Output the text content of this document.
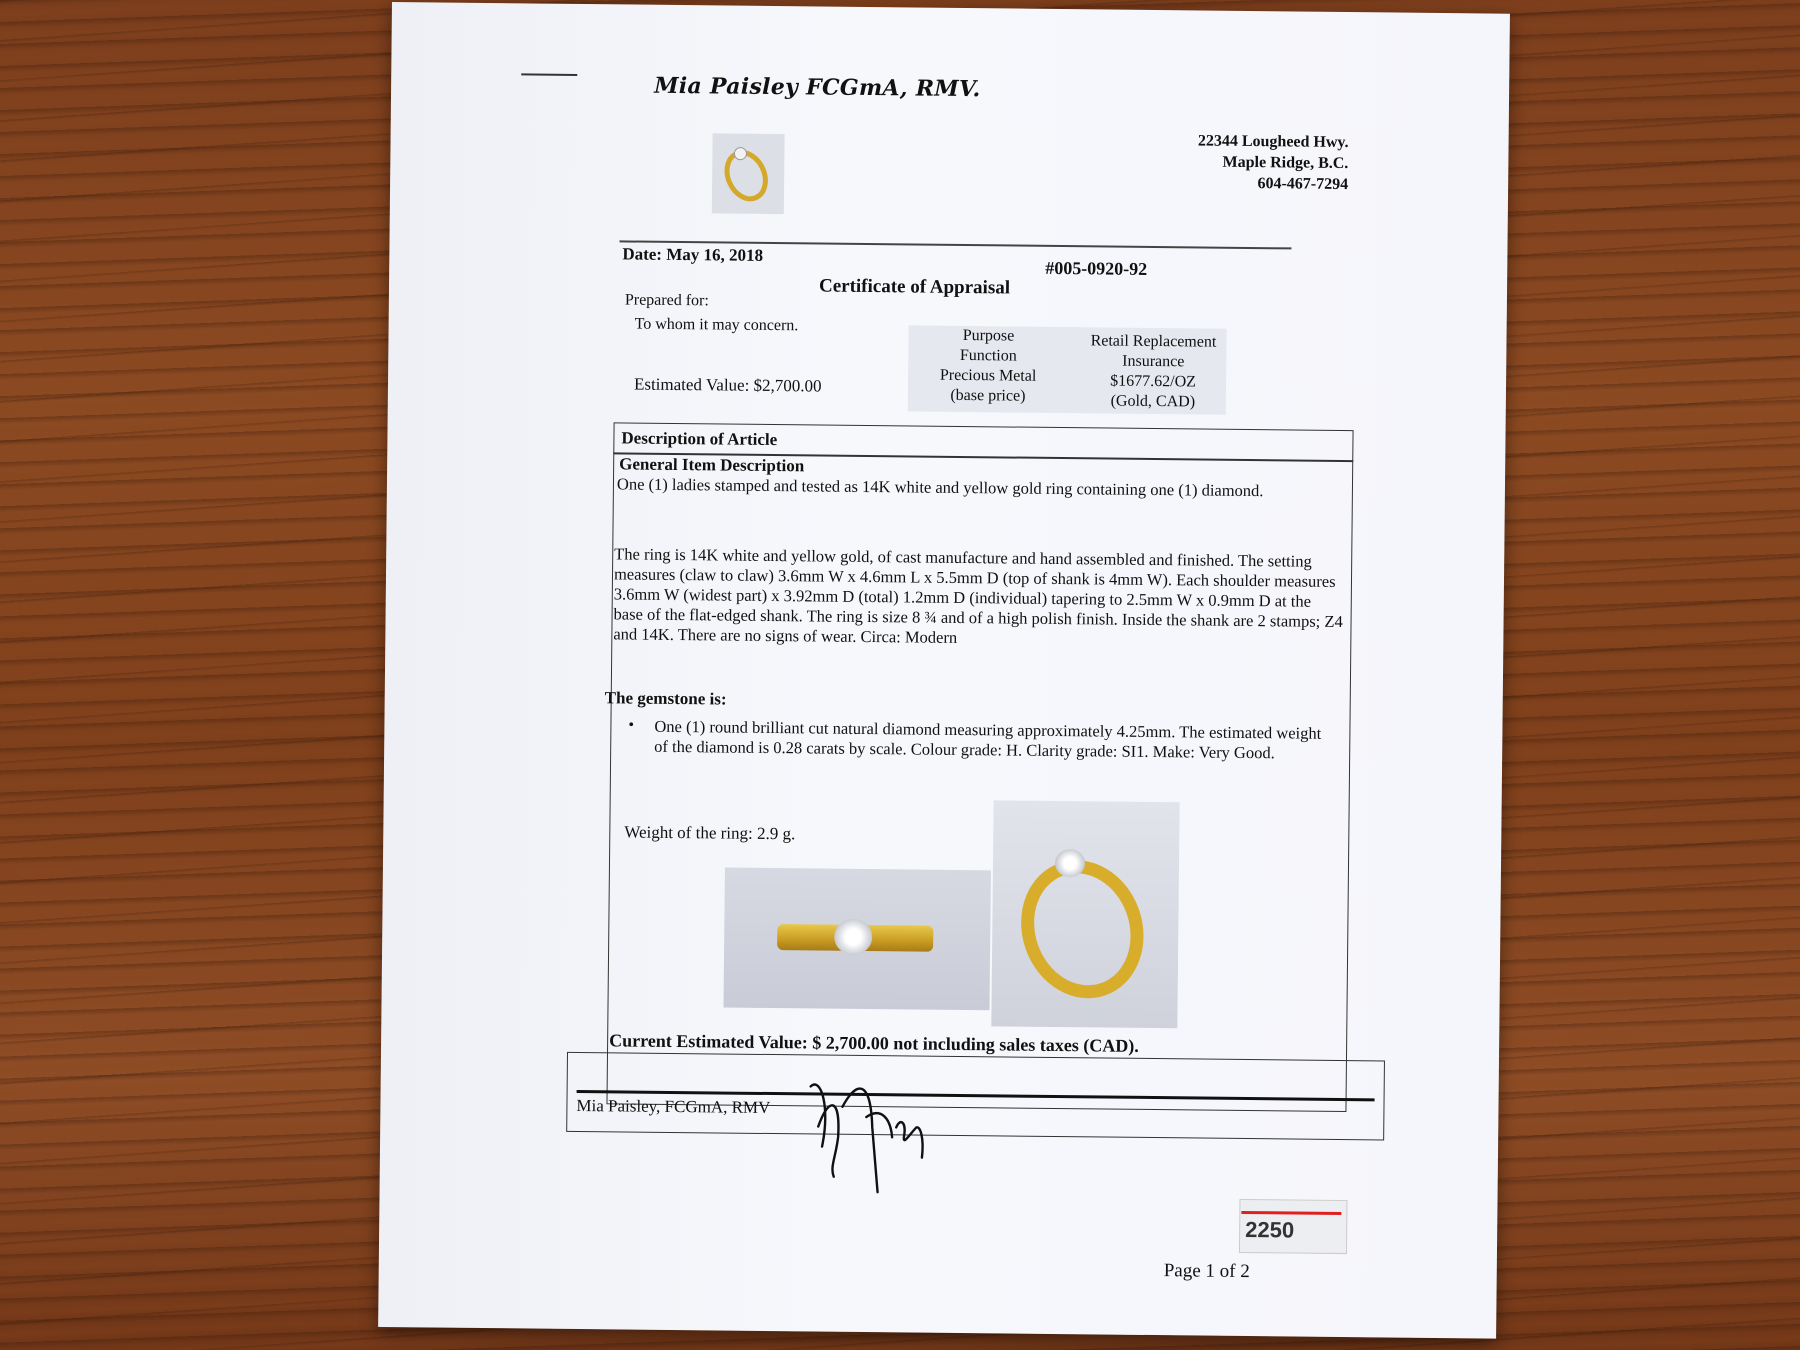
Mia Paisley FCGmA, RMV.
22344 Lougheed Hwy.
Maple Ridge, B.C.
604-467-7294
Date: May 16, 2018
#005-0920-92
Certificate of Appraisal
Prepared for:
To whom it may concern.
Estimated Value: $2,700.00
Purpose
Function
Precious Metal
(base price)
Retail Replacement
Insurance
$1677.62/OZ
(Gold, CAD)
Description of Article
General Item Description
One (1) ladies stamped and tested as 14K white and yellow gold ring containing one (1) diamond.
The ring is 14K white and yellow gold, of cast manufacture and hand assembled and finished. The setting measures (claw to claw) 3.6mm W x 4.6mm L x 5.5mm D (top of shank is 4mm W). Each shoulder measures 3.6mm W (widest part) x 3.92mm D (total) 1.2mm D (individual) tapering to 2.5mm W x 0.9mm D at the base of the flat-edged shank. The ring is size 8 ¾ and of a high polish finish. Inside the shank are 2 stamps; Z4 and 14K. There are no signs of wear. Circa: Modern
The gemstone is:
• One (1) round brilliant cut natural diamond measuring approximately 4.25mm. The estimated weight of the diamond is 0.28 carats by scale. Colour grade: H. Clarity grade: SI1. Make: Very Good.
Weight of the ring: 2.9 g.
Current Estimated Value: $ 2,700.00 not including sales taxes (CAD).
Mia Paisley, FCGmA, RMV
2250
Page 1 of 2
